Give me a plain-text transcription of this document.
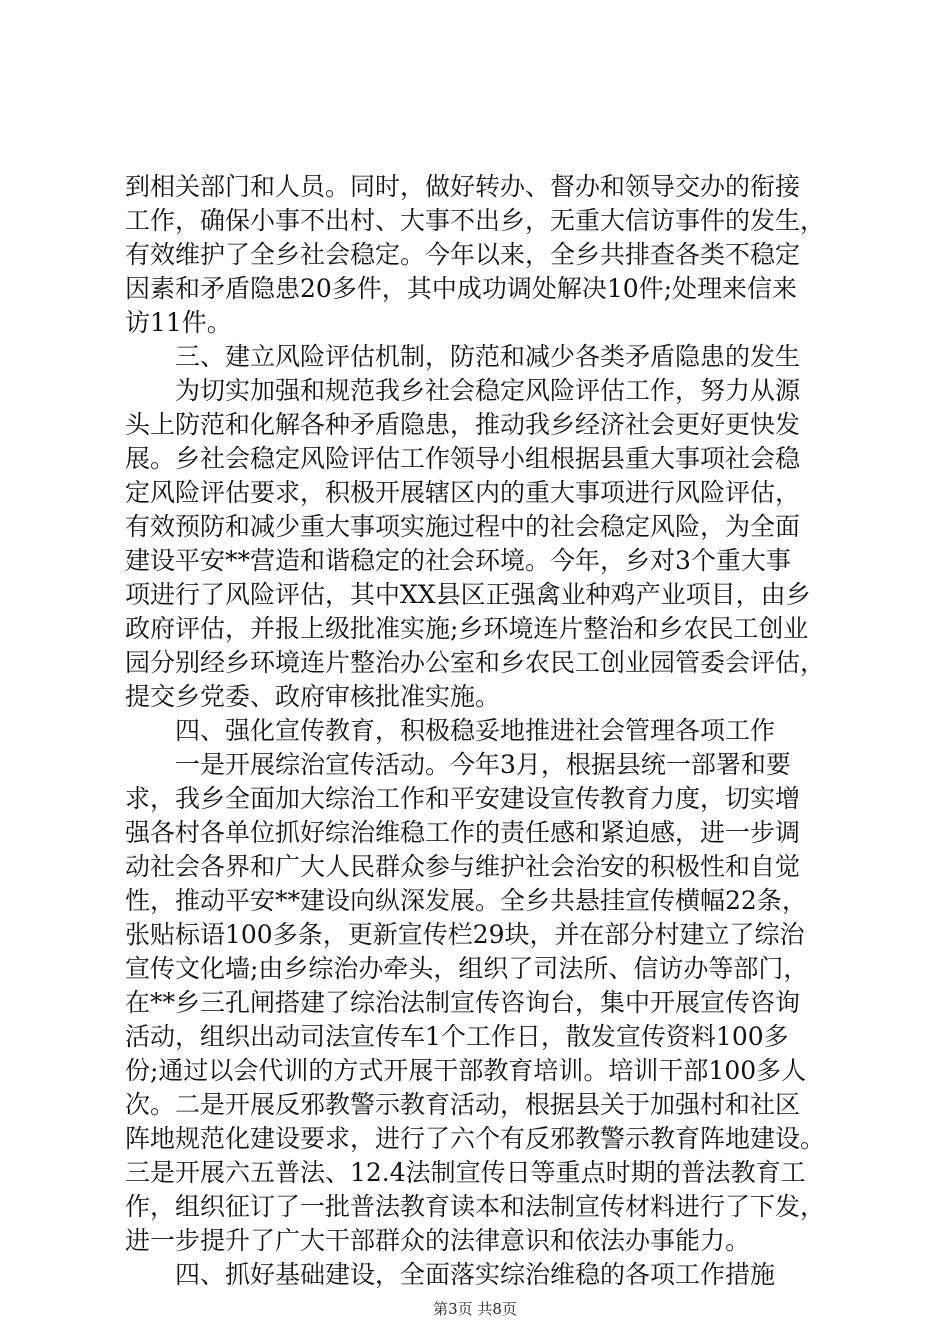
到相关部门和人员。同时，做好转办、督办和领导交办的衔接
工作，确保小事不出村、大事不出乡，无重大信访事件的发生，
有效维护了全乡社会稳定。今年以来，全乡共排查各类不稳定
因素和矛盾隐患20多件，其中成功调处解决10件;处理来信来
访11件。
　　三、建立风险评估机制，防范和减少各类矛盾隐患的发生
　　为切实加强和规范我乡社会稳定风险评估工作，努力从源
头上防范和化解各种矛盾隐患，推动我乡经济社会更好更快发
展。乡社会稳定风险评估工作领导小组根据县重大事项社会稳
定风险评估要求，积极开展辖区内的重大事项进行风险评估，
有效预防和减少重大事项实施过程中的社会稳定风险，为全面
建设平安**营造和谐稳定的社会环境。今年，乡对3个重大事
项进行了风险评估，其中XX县区正强禽业种鸡产业项目，由乡
政府评估，并报上级批准实施;乡环境连片整治和乡农民工创业
园分别经乡环境连片整治办公室和乡农民工创业园管委会评估，
提交乡党委、政府审核批准实施。
　　四、强化宣传教育，积极稳妥地推进社会管理各项工作
　　一是开展综治宣传活动。今年3月，根据县统一部署和要
求，我乡全面加大综治工作和平安建设宣传教育力度，切实增
强各村各单位抓好综治维稳工作的责任感和紧迫感，进一步调
动社会各界和广大人民群众参与维护社会治安的积极性和自觉
性，推动平安**建设向纵深发展。全乡共悬挂宣传横幅22条，
张贴标语100多条，更新宣传栏29块，并在部分村建立了综治
宣传文化墙;由乡综治办牵头，组织了司法所、信访办等部门，
在**乡三孔闸搭建了综治法制宣传咨询台，集中开展宣传咨询
活动，组织出动司法宣传车1个工作日，散发宣传资料100多
份;通过以会代训的方式开展干部教育培训。培训干部100多人
次。二是开展反邪教警示教育活动，根据县关于加强村和社区
阵地规范化建设要求，进行了六个有反邪教警示教育阵地建设。
三是开展六五普法、12.4法制宣传日等重点时期的普法教育工
作，组织征订了一批普法教育读本和法制宣传材料进行了下发，
进一步提升了广大干部群众的法律意识和依法办事能力。
　　四、抓好基础建设，全面落实综治维稳的各项工作措施
第3页 共8页
